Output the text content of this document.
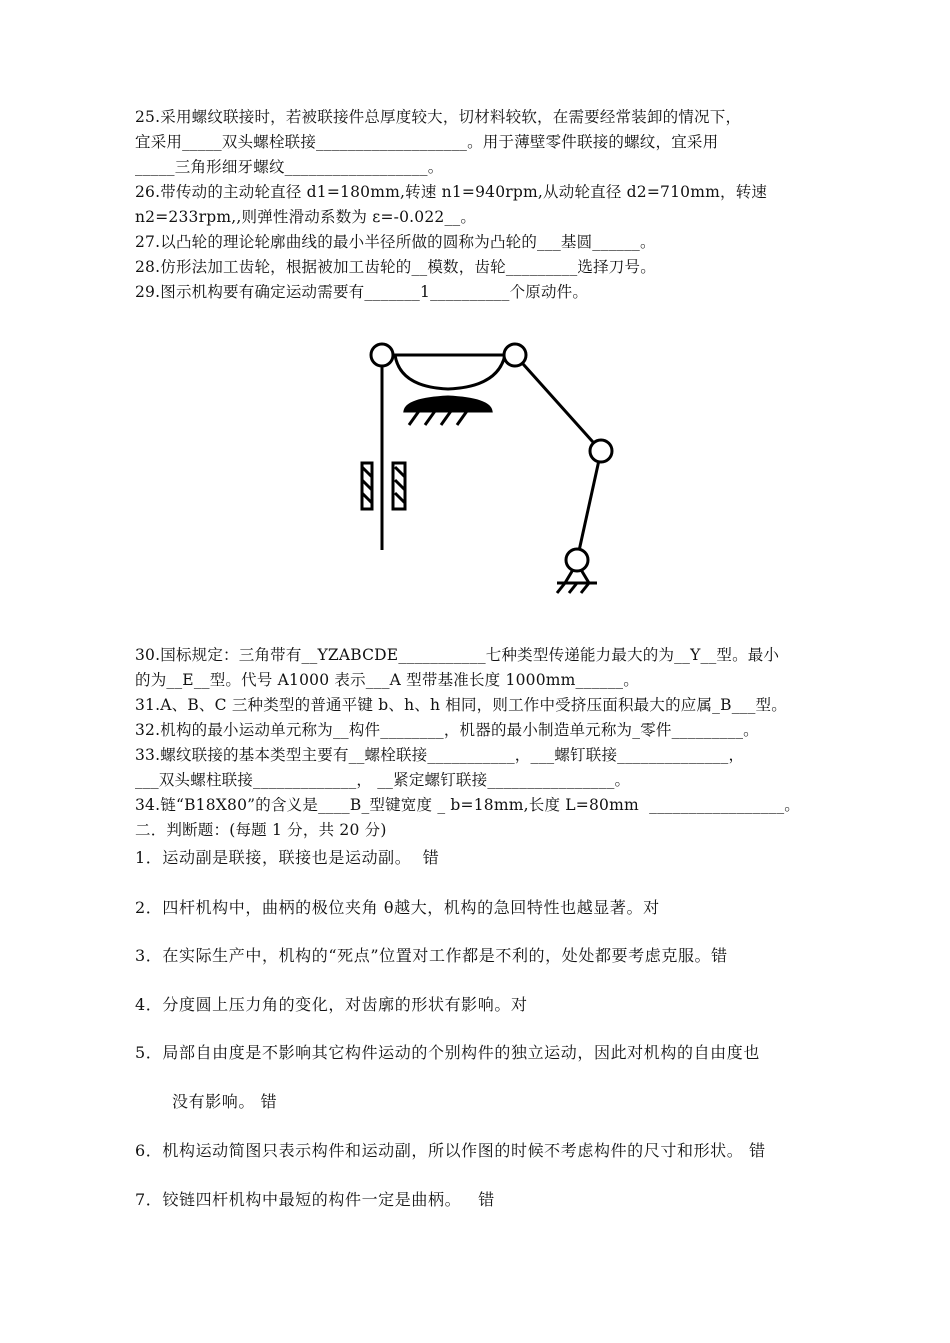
25.采用螺纹联接时，若被联接件总厚度较大，切材料较软，在需要经常装卸的情况下，
宜采用_____双头螺栓联接___________________。用于薄壁零件联接的螺纹，宜采用
_____三角形细牙螺纹__________________。
26.带传动的主动轮直径 d1=180mm,转速 n1=940rpm,从动轮直径 d2=710mm，转速
n2=233rpm,,则弹性滑动系数为 ε=-0.022__。
27.以凸轮的理论轮廓曲线的最小半径所做的圆称为凸轮的___基圆______。
28.仿形法加工齿轮，根据被加工齿轮的__模数，齿轮_________选择刀号。
29.图示机构要有确定运动需要有_______1__________个原动件。
30.国标规定：三角带有__YZABCDE___________七种类型传递能力最大的为__Y__型。最小
的为__E__型。代号 A1000 表示___A 型带基准长度 1000mm______。
31.A、B、C 三种类型的普通平键 b、h、h 相同，则工作中受挤压面积最大的应属_B___型。
32.机构的最小运动单元称为__构件________，机器的最小制造单元称为_零件_________。
33.螺纹联接的基本类型主要有__螺栓联接___________，___螺钉联接______________，
___双头螺柱联接_____________， __紧定螺钉联接________________。
34.链“B18X80”的含义是____B_型键宽度 _ b=18mm,长度 L=80mm  _________________。
二．判断题：(每题 1 分，共 20 分)
1．运动副是联接，联接也是运动副。  错
2．四杆机构中，曲柄的极位夹角 θ越大，机构的急回特性也越显著。对
3．在实际生产中，机构的“死点”位置对工作都是不利的，处处都要考虑克服。错
4．分度圆上压力角的变化，对齿廓的形状有影响。对
5．局部自由度是不影响其它构件运动的个别构件的独立运动，因此对机构的自由度也
没有影响。 错
6．机构运动简图只表示构件和运动副，所以作图的时候不考虑构件的尺寸和形状。 错
7．铰链四杆机构中最短的构件一定是曲柄。   错
